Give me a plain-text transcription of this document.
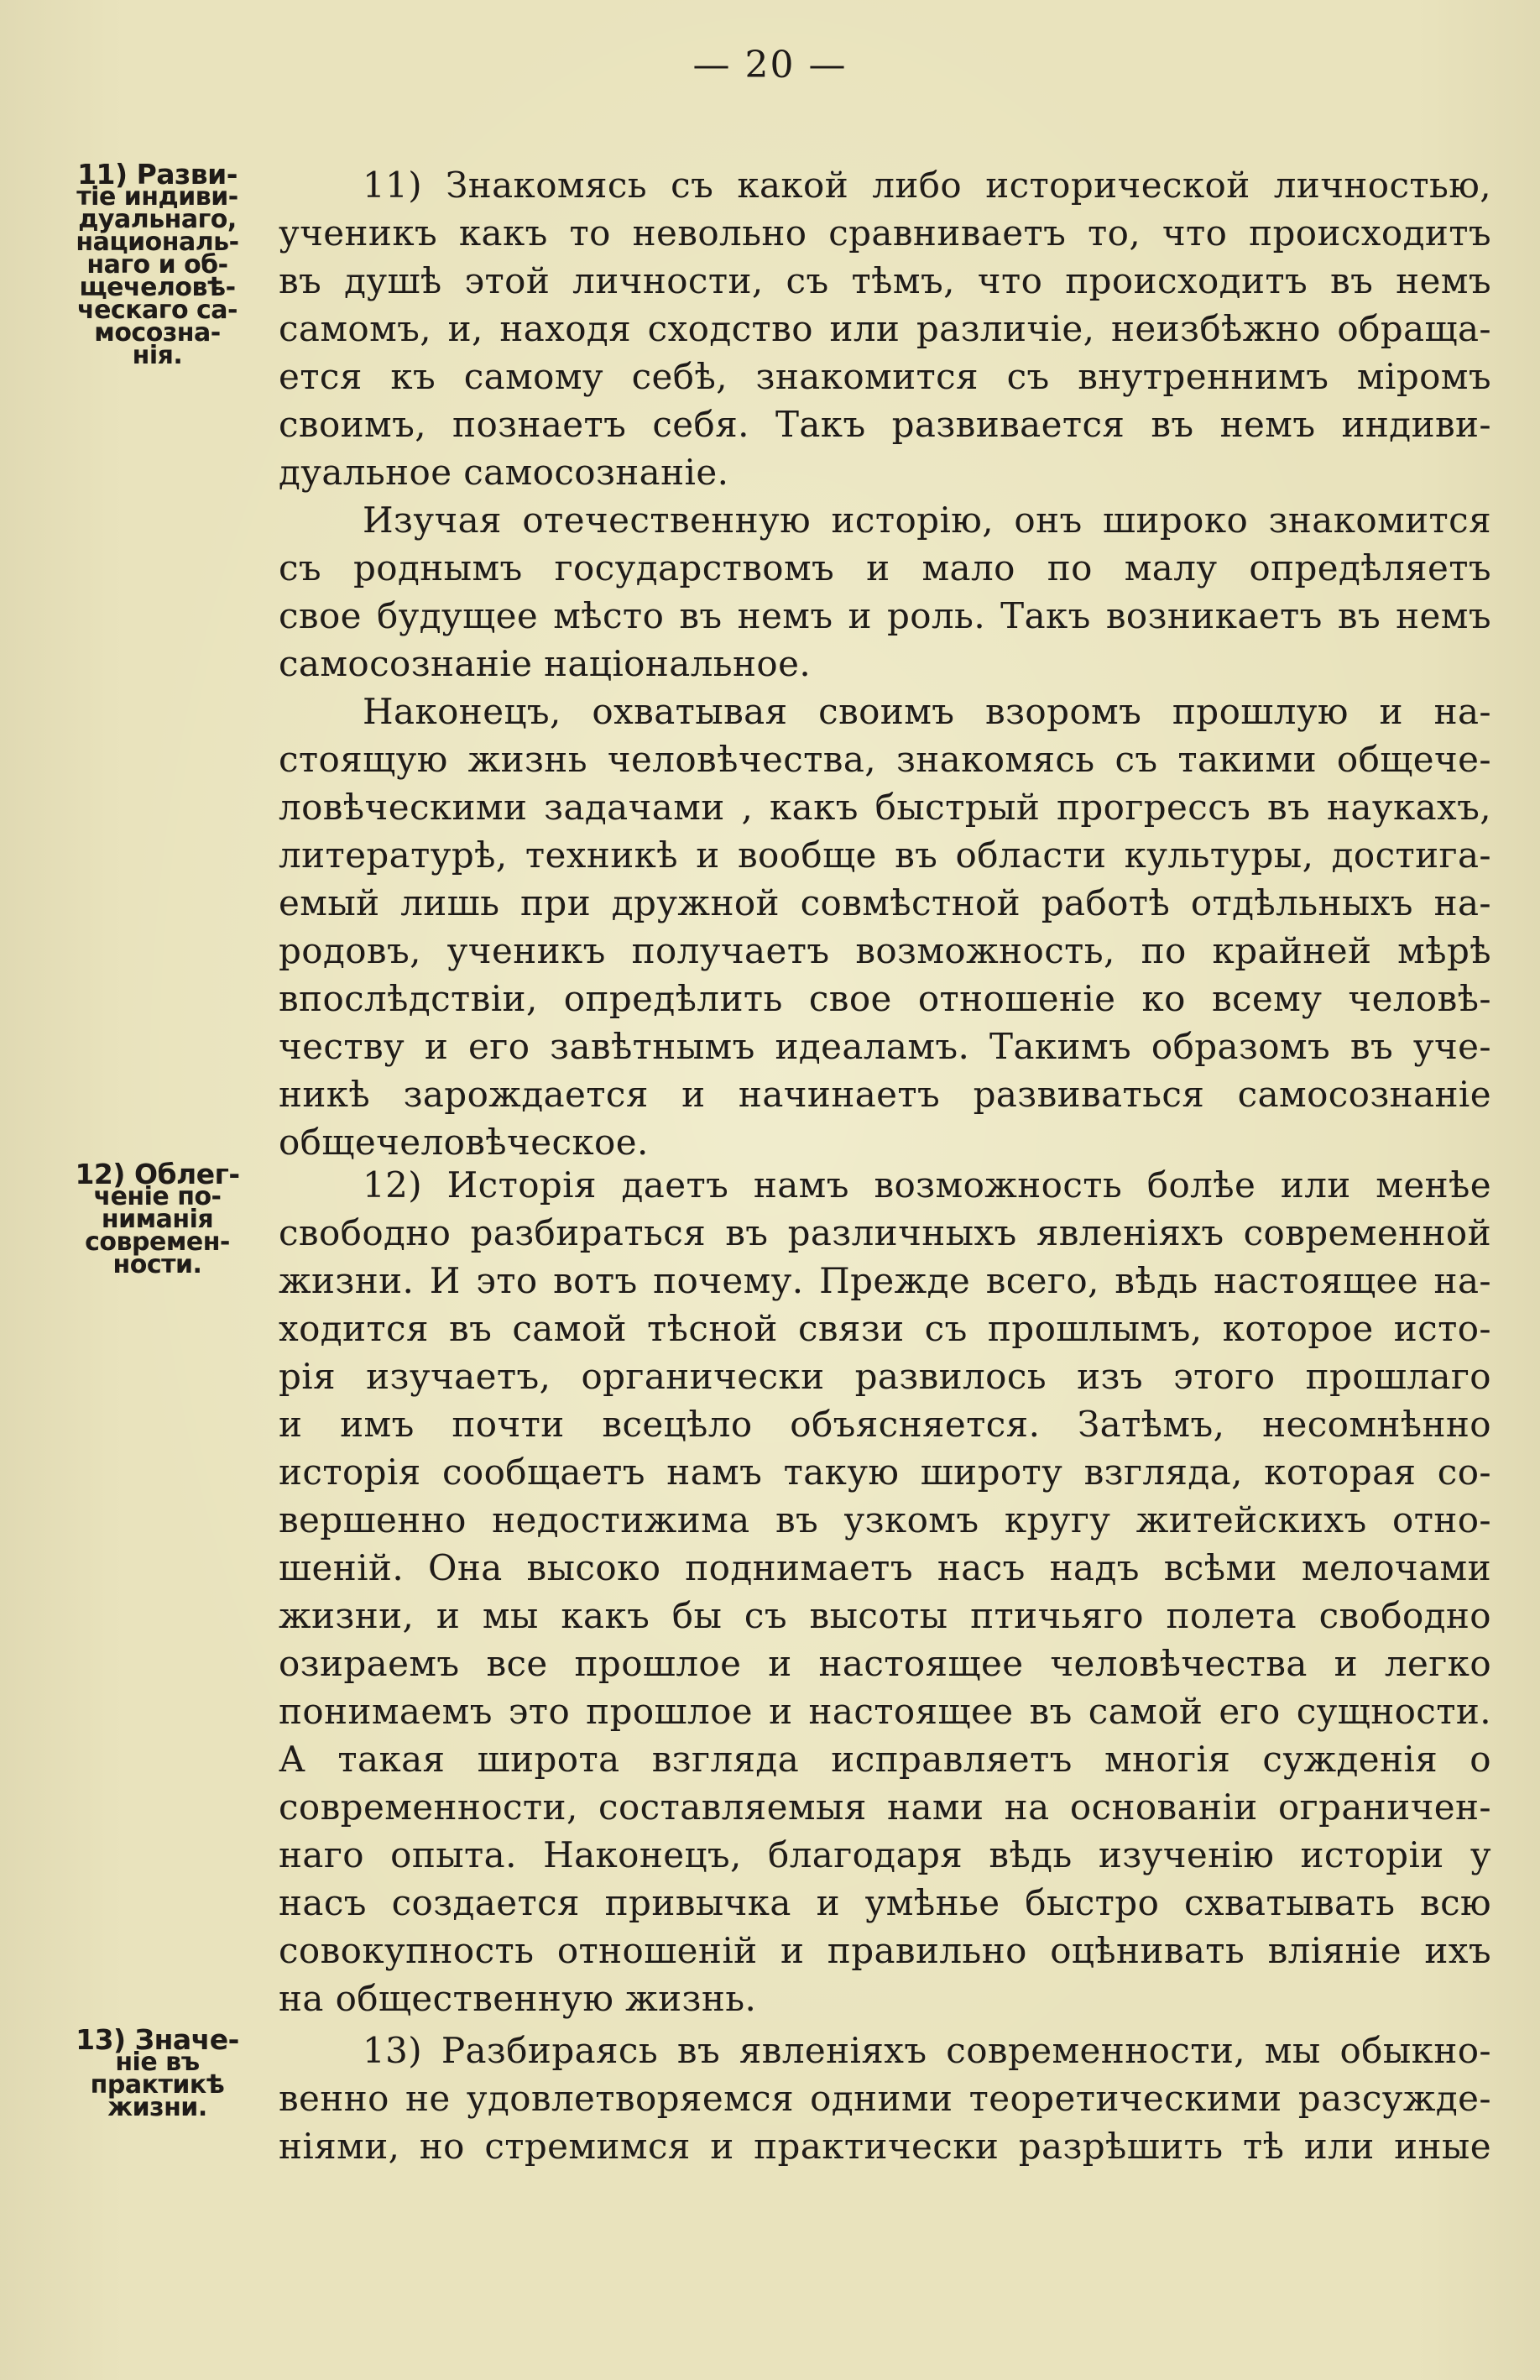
— 20 —
11) Разви-
тіе индиви-
дуальнаго,
националь-
наго и об-
щечеловѣ-
ческаго са-
мосозна-
нія.
11) Знакомясь съ какой либо исторической личностью,
ученикъ какъ то невольно сравниваетъ то, что происходитъ
въ душѣ этой личности, съ тѣмъ, что происходитъ въ немъ
самомъ, и, находя сходство или различіе, неизбѣжно обраща-
ется къ самому себѣ, знакомится съ внутреннимъ міромъ
своимъ, познаетъ себя. Такъ развивается въ немъ индиви-
дуальное самосознаніе.
Изучая отечественную исторію, онъ широко знакомится
съ роднымъ государствомъ и мало по малу опредѣляетъ
свое будущее мѣсто въ немъ и роль. Такъ возникаетъ въ немъ
самосознаніе національное.
Наконецъ, охватывая своимъ взоромъ прошлую и на-
стоящую жизнь человѣчества, знакомясь съ такими общече-
ловѣческими задачами , какъ быстрый прогрессъ въ наукахъ,
литературѣ, техникѣ и вообще въ области культуры, достига-
емый лишь при дружной совмѣстной работѣ отдѣльныхъ на-
родовъ, ученикъ получаетъ возможность, по крайней мѣрѣ
впослѣдствіи, опредѣлить свое отношеніе ко всему человѣ-
честву и его завѣтнымъ идеаламъ. Такимъ образомъ въ уче-
никѣ зарождается и начинаетъ развиваться самосознаніе
общечеловѣческое.
12) Облег-
ченіе по-
ниманія
современ-
ности.
12) Исторія даетъ намъ возможность болѣе или менѣе
свободно разбираться въ различныхъ явленіяхъ современной
жизни. И это вотъ почему. Прежде всего, вѣдь настоящее на-
ходится въ самой тѣсной связи съ прошлымъ, которое исто-
рія изучаетъ, органически развилось изъ этого прошлаго
и имъ почти всецѣло объясняется. Затѣмъ, несомнѣнно
исторія сообщаетъ намъ такую широту взгляда, которая со-
вершенно недостижима въ узкомъ кругу житейскихъ отно-
шеній. Она высоко поднимаетъ насъ надъ всѣми мелочами
жизни, и мы какъ бы съ высоты птичьяго полета свободно
озираемъ все прошлое и настоящее человѣчества и легко
понимаемъ это прошлое и настоящее въ самой его сущности.
А такая широта взгляда исправляетъ многія сужденія о
современности, составляемыя нами на основаніи ограничен-
наго опыта. Наконецъ, благодаря вѣдь изученію исторіи у
насъ создается привычка и умѣнье быстро схватывать всю
совокупность отношеній и правильно оцѣнивать вліяніе ихъ
на общественную жизнь.
13) Значе-
ніе въ
практикѣ
жизни.
13) Разбираясь въ явленіяхъ современности, мы обыкно-
венно не удовлетворяемся одними теоретическими разсужде-
ніями, но стремимся и практически разрѣшить тѣ или иные
